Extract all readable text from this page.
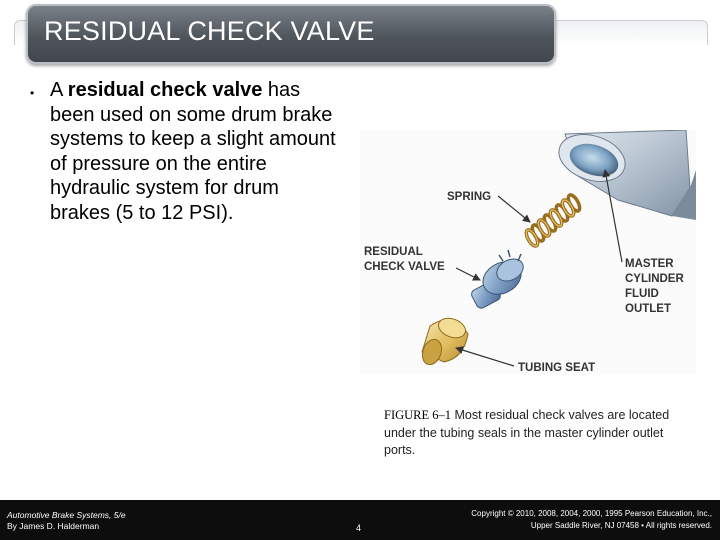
RESIDUAL CHECK VALVE
• A residual check valve has been used on some drum brake systems to keep a slight amount of pressure on the entire hydraulic system for drum brakes (5 to 12 PSI).
SPRING
RESIDUAL
CHECK VALVE	MASTER
CYLINDER
FLUID
OUTLET
TUBING SEAT
FIGURE 6–1 Most residual check valves are located under the tubing seals in the master cylinder outlet ports.
Automotive Brake Systems, 5/e
By James D. Halderman	4
Copyright © 2010, 2008, 2004, 2000, 1995 Pearson Education, Inc.,
Upper Saddle River, NJ 07458 • All rights reserved.
